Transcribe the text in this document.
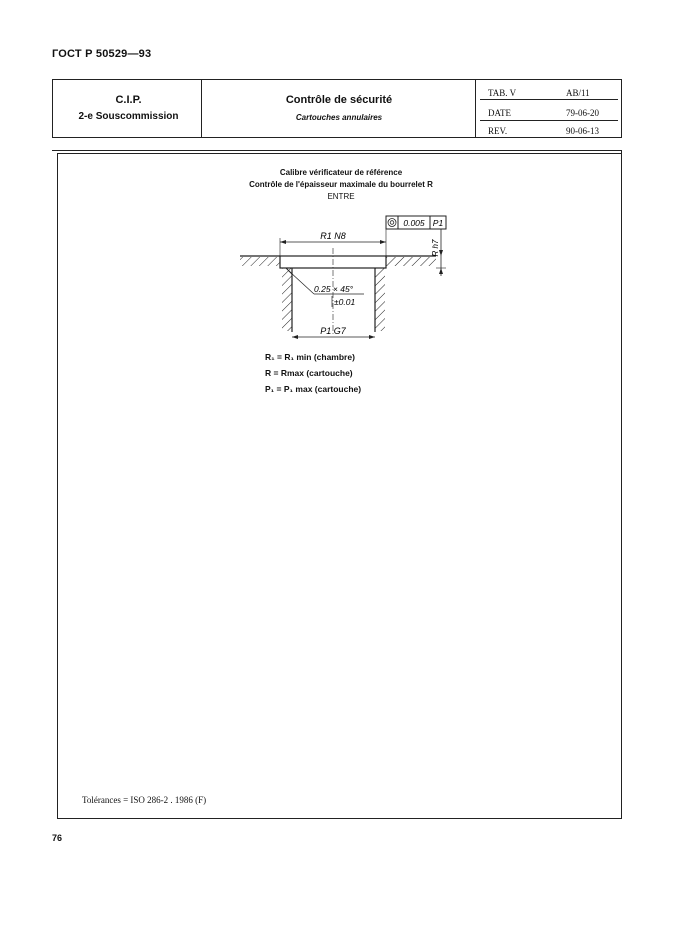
ГОСТ Р 50529—93
C.I.P.
2-e Souscommission
Contrôle de sécurité
Cartouches annulaires
TAB. V	AB/11
DATE	79-06-20
REV.	90-06-13
Calibre vérificateur de référence
Contrôle de l'épaisseur maximale du bourrelet R
ENTRE
R1 N8
0.005 P1
R h7
0.25 × 45°
±0.01
P1 G7
R₁ = R₁ min (chambre)
R = Rmax (cartouche)
P₁ = P₁ max (cartouche)
Tolérances = ISO 286-2 . 1986 (F)
76
